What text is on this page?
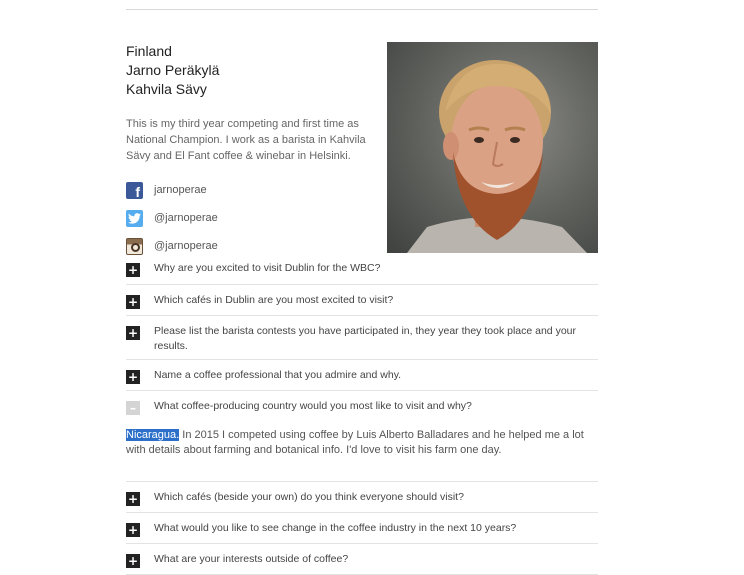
Finland

Jarno Peräkylä

Kahvila Sävy

This is my third year competing and first time as National Champion. I work as a barista in Kahvila Sävy and El Fant coffee & winebar in Helsinki.
f
jarnoperae
@jarnoperae
@jarnoperae
+ Why are you excited to visit Dublin for the WBC?
+ Which cafés in Dublin are you most excited to visit?
+ Please list the barista contests you have participated in, they year they took place and your results.
+ Name a coffee professional that you admire and why.
–	What coffee-producing country would you most like to visit and why?
Nicaragua. In 2015 I competed using coffee by Luis Alberto Balladares and he helped me a lot with details about farming and botanical info. I'd love to visit his farm one day.
+ Which cafés (beside your own) do you think everyone should visit?
+ What would you like to see change in the coffee industry in the next 10 years?
+ What are your interests outside of coffee?
